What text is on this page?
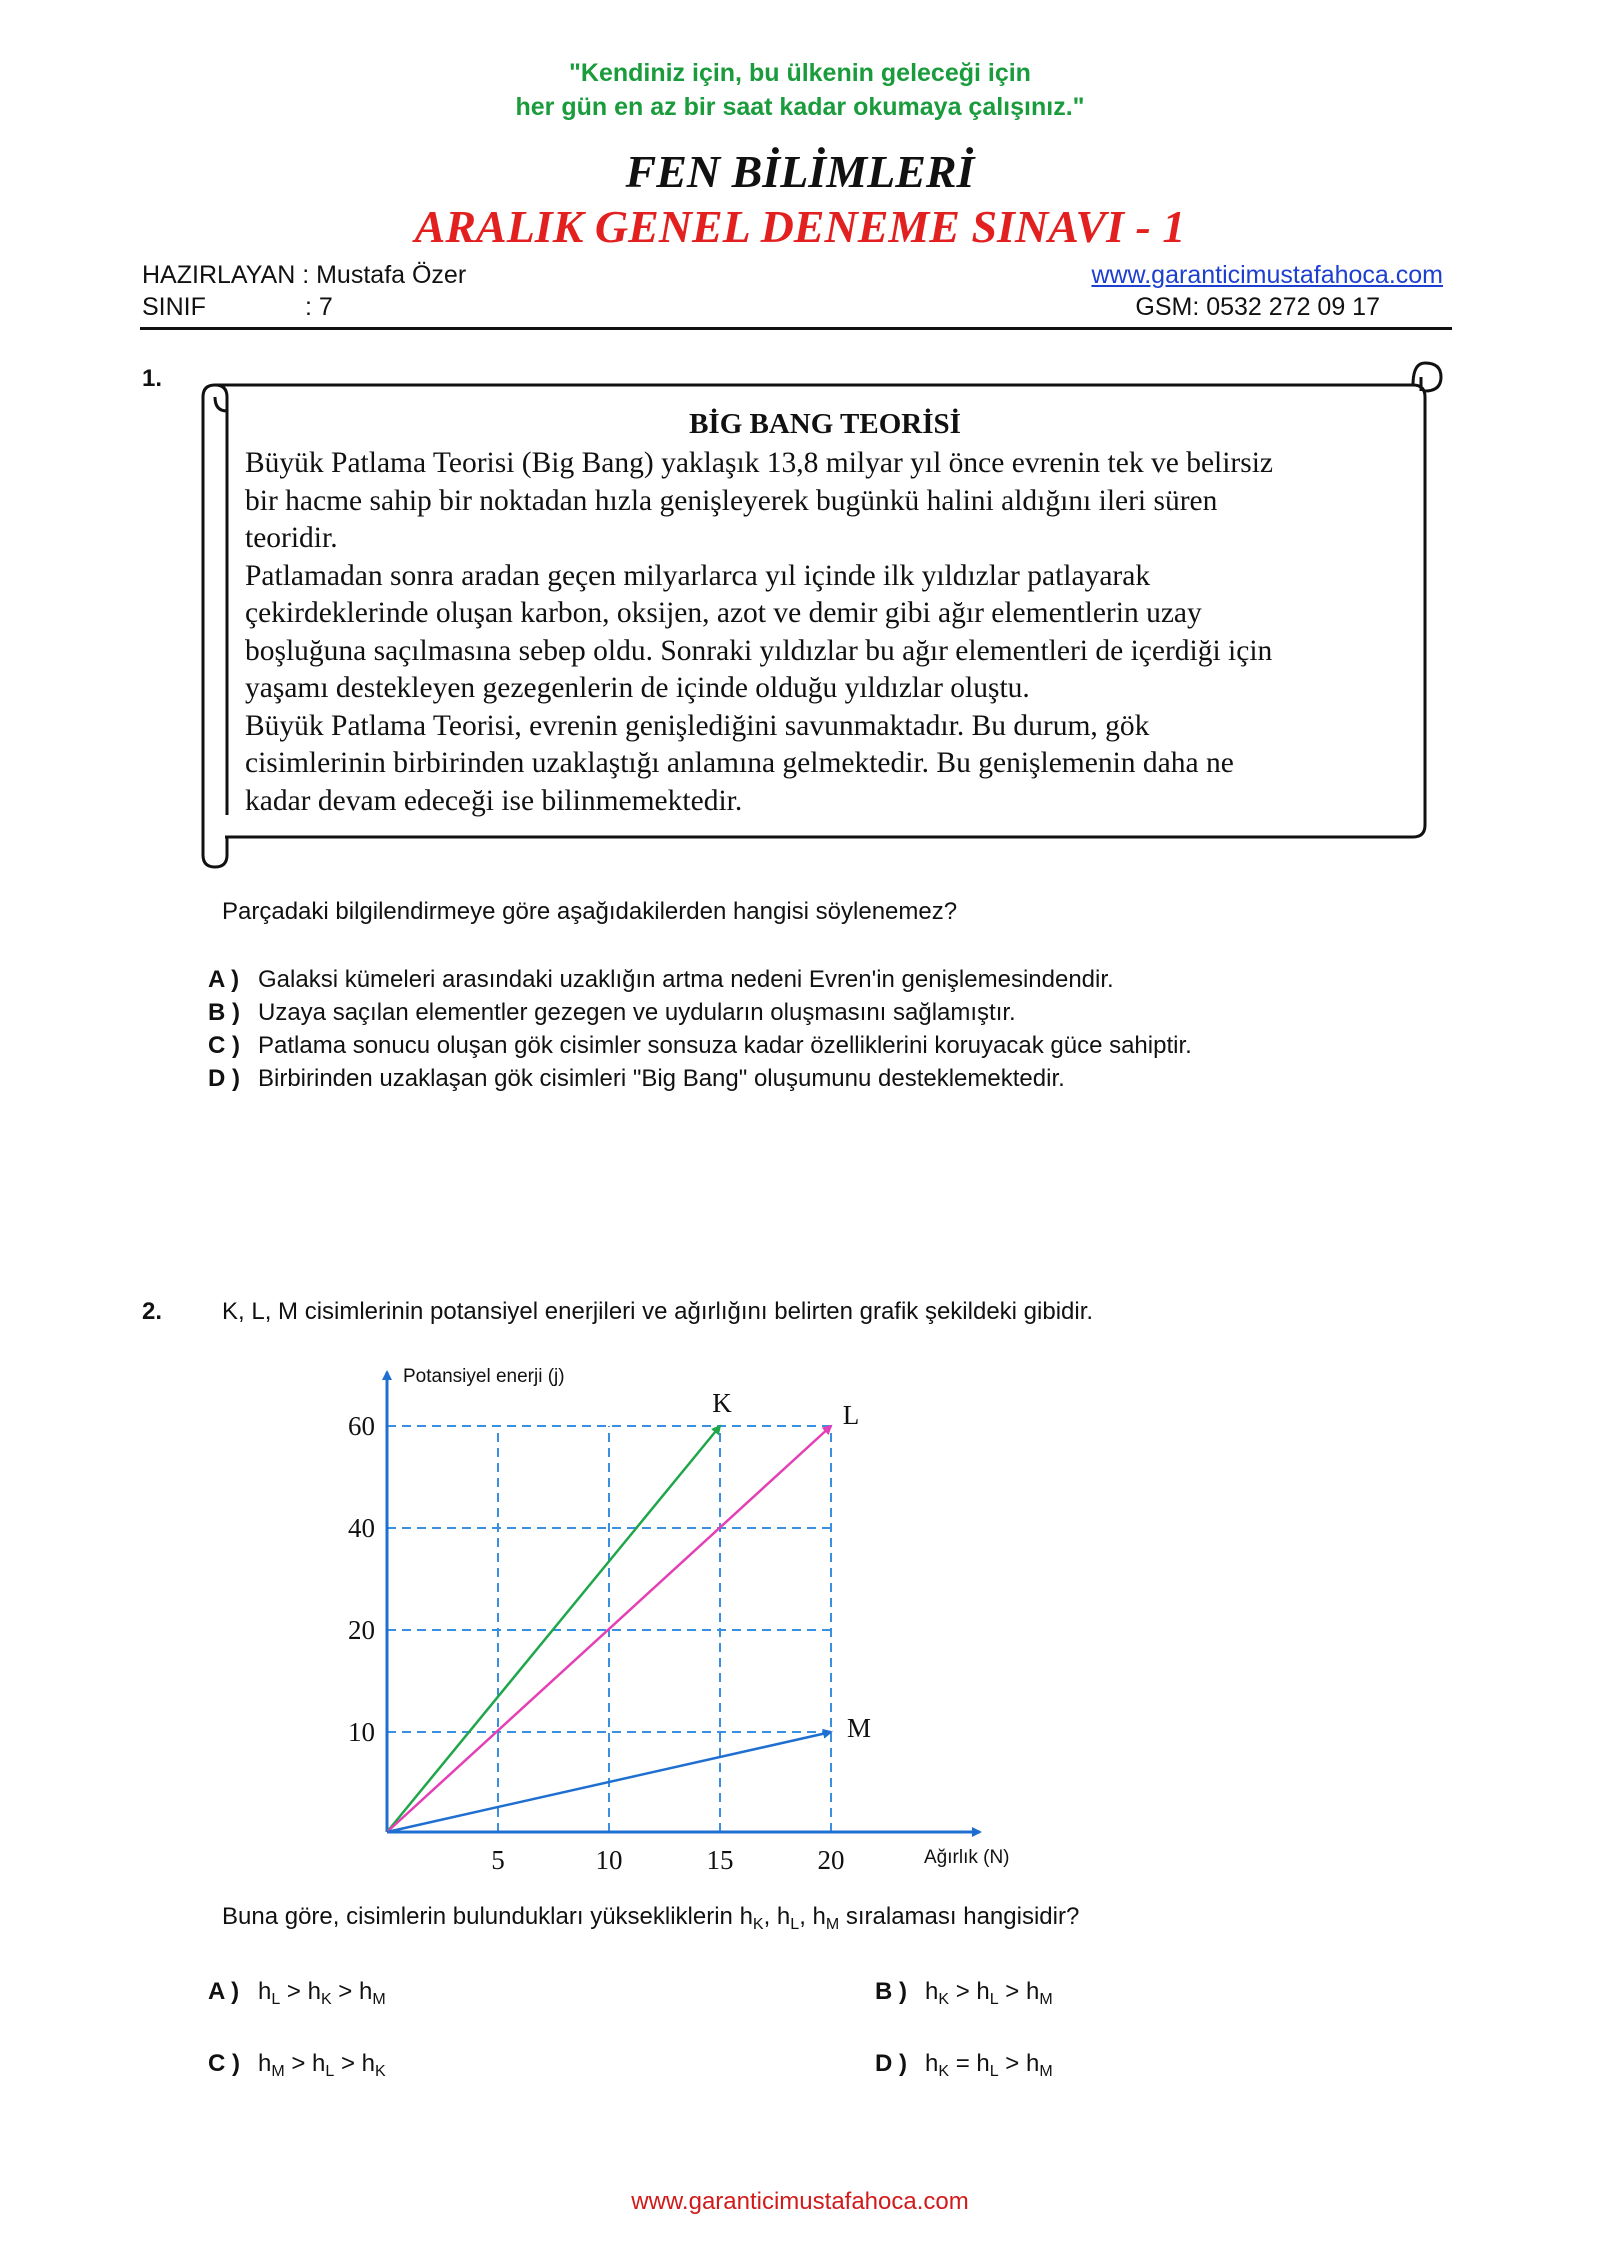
"Kendiniz için, bu ülkenin geleceği için
her gün en az bir saat kadar okumaya çalışınız."
FEN BİLİMLERİ
ARALIK GENEL DENEME SINAVI - 1
HAZIRLAYAN : Mustafa Özer
SINIF	: 7
www.garanticimustafahoca.com
GSM: 0532 272 09 17
1.
BİG BANG TEORİSİ
Büyük Patlama Teorisi (Big Bang) yaklaşık 13,8 milyar yıl önce evrenin tek ve belirsiz
bir hacme sahip bir noktadan hızla genişleyerek bugünkü halini aldığını ileri süren
teoridir.
Patlamadan sonra aradan geçen milyarlarca yıl içinde ilk yıldızlar patlayarak
çekirdeklerinde oluşan karbon, oksijen, azot ve demir gibi ağır elementlerin uzay
boşluğuna saçılmasına sebep oldu. Sonraki yıldızlar bu ağır elementleri de içerdiği için
yaşamı destekleyen gezegenlerin de içinde olduğu yıldızlar oluştu.
Büyük Patlama Teorisi, evrenin genişlediğini savunmaktadır. Bu durum, gök
cisimlerinin birbirinden uzaklaştığı anlamına gelmektedir. Bu genişlemenin daha ne
kadar devam edeceği ise bilinmemektedir.
Parçadaki bilgilendirmeye göre aşağıdakilerden hangisi söylenemez?
A ) Galaksi kümeleri arasındaki uzaklığın artma nedeni Evren'in genişlemesindendir.
B ) Uzaya saçılan elementler gezegen ve uyduların oluşmasını sağlamıştır.
C ) Patlama sonucu oluşan gök cisimler sonsuza kadar özelliklerini koruyacak güce sahiptir.
D ) Birbirinden uzaklaşan gök cisimleri "Big Bang" oluşumunu desteklemektedir.
2. K, L, M cisimlerinin potansiyel enerjileri ve ağırlığını belirten grafik şekildeki gibidir.
10
20
40
60
5	10	15	20
K	L
M
Potansiyel enerji (j)
Ağırlık (N)
Buna göre, cisimlerin bulundukları yüksekliklerin $h_K$, $h_L$, $h_M$ sıralaması hangisidir?
A ) $h_L > h_K > h_M$	B ) $h_K > h_L > h_M$
C ) $h_M > h_L > h_K$	D ) $h_K = h_L > h_M$
www.garanticimustafahoca.com
